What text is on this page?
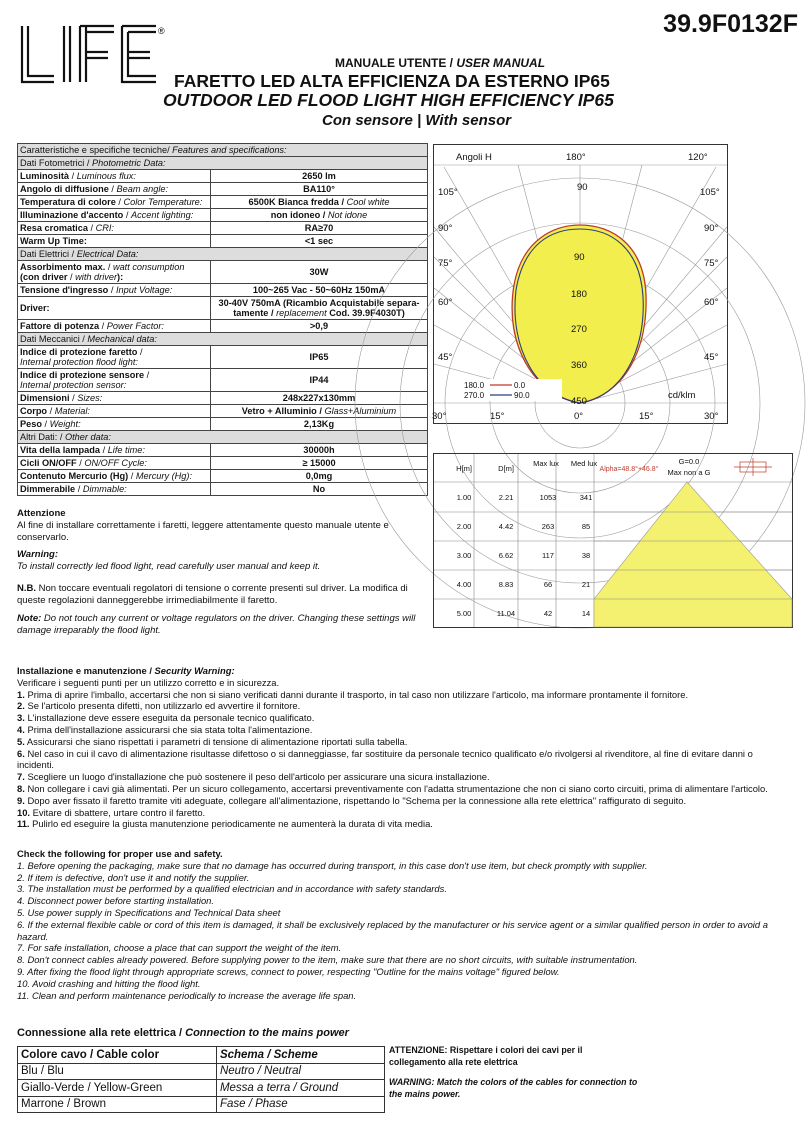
®	39.9F0132F
MANUALE UTENTE / USER MANUAL
FARETTO LED ALTA EFFICIENZA DA ESTERNO IP65
OUTDOOR LED FLOOD LIGHT HIGH EFFICIENCY IP65
Con sensore | With sensor
Caratteristiche e specifiche tecniche/ Features and specifications:	
Dati Fotometrici / Photometric Data:	
Luminosità / Luminous flux:	2650 lm
Angolo di diffusione / Beam angle:	BA110°
Temperatura di colore / Color Temperature:	6500K Bianca fredda / Cool white
Illuminazione d'accento / Accent lighting:	non idoneo / Not idone
Resa cromatica / CRI:	RA≥70
Warm Up Time:	<1 sec
Dati Elettrici / Electrical Data:	
Assorbimento max. / watt consumption
(con driver / with driver):	30W
Tensione d'ingresso / Input Voltage:	100~265 Vac - 50~60Hz 150mA
Driver:	30-40V 750mA (Ricambio Acquistabile separa-
tamente / replacement Cod. 39.9F4030T)
Fattore di potenza / Power Factor:	>0,9
Dati Meccanici / Mechanical data:	
Indice di protezione faretto /
Internal protection flood light:	IP65
Indice di protezione sensore /
Internal protection sensor:	IP44
Dimensioni / Sizes:	248x227x130mm
Corpo / Material:	Vetro + Alluminio / Glass+Aluminium
Peso / Weight:	2,13Kg
Altri Dati: / Other data:	
Vita della lampada / Life time:	30000h
Cicli ON/OFF / ON/OFF Cycle:	≥ 15000
Contenuto Mercurio (Hg) / Mercury (Hg):	0,0mg
Dimmerabile / Dimmable:	No
Attenzione
Al fine di installare correttamente i faretti, leggere attentamente questo manuale utente e conservarlo.
Warning:
To install correctly led flood light, read carefully user manual and keep it.
N.B. Non toccare eventuali regolatori di tensione o corrente presenti sul driver. La modifica di queste regolazioni danneggerebbe irrimediabilmente il faretto.
Note: Do not touch any current or voltage regulators on the driver. Changing these settings will damage irreparably the flood light.
Angoli H	180°	120°
105°
90°
75°
60°
45°
105°
90°
75°
60°
45°
90
90
180
270
360
450
cd/klm
30°	15°	0°	15°	30°
180.0	0.0
270.0	90.0
H[m]	D[m]
Max lux Med lux
Alpha=48.8°+46.8°
G=0.0
Max non a G
1.00	2.21	1053	341
2.00	4.42	263	85
3.00	6.62	117	38
4.00	8.83	66	21
5.00	11.04	42	14
Installazione e manutenzione / Security Warning:
Verificare i seguenti punti per un utilizzo corretto e in sicurezza.
1. Prima di aprire l'imballo, accertarsi che non si siano verificati danni durante il trasporto, in tal caso non utilizzare l'articolo, ma informare prontamente il fornitore.
2. Se l'articolo presenta difetti, non utilizzarlo ed avvertire il fornitore.
3. L'installazione deve essere eseguita da personale tecnico qualificato.
4. Prima dell'installazione assicurarsi che sia stata tolta l'alimentazione.
5. Assicurarsi che siano rispettati i parametri di tensione di alimentazione riportati sulla tabella.
6. Nel caso in cui il cavo di alimentazione risultasse difettoso o si danneggiasse, far sostituire da personale tecnico qualificato e/o rivolgersi al rivenditore, al fine di evitare danni o incidenti.
7. Scegliere un luogo d'installazione che può sostenere il peso dell'articolo per assicurare una sicura installazione.
8. Non collegare i cavi già alimentati. Per un sicuro collegamento, accertarsi preventivamente con l'adatta strumentazione che non ci siano corto circuiti, prima di alimentare l'articolo.
9. Dopo aver fissato il faretto tramite viti adeguate, collegare all'alimentazione, rispettando lo "Schema per la connessione alla rete elettrica" raffigurato di seguito.
10. Evitare di sbattere, urtare contro il faretto.
11. Pulirlo ed eseguire la giusta manutenzione periodicamente ne aumenterà la durata di vita media.
Check the following for proper use and safety.
1. Before opening the packaging, make sure that no damage has occurred during transport, in this case don't use item, but check promptly with supplier.
2. If item is defective, don't use it and notify the supplier.
3. The installation must be performed by a qualified electrician and in accordance with safety standards.
4. Disconnect power before starting installation.
5. Use power supply in Specifications and Technical Data sheet
6. If the external flexible cable or cord of this item is damaged, it shall be exclusively replaced by the manufacturer or his service agent or a similar qualified person in order to avoid a hazard.
7. For safe installation, choose a place that can support the weight of the item.
8. Don't connect cables already powered. Before supplying power to the item, make sure that there are no short circuits, with suitable instrumentation.
9. After fixing the flood light through appropriate screws, connect to power, respecting "Outline for the mains voltage" figured below.
10. Avoid crashing and hitting the flood light.
11. Clean and perform maintenance periodically to increase the average life span.
Connessione alla rete elettrica / Connection to the mains power
Colore cavo / Cable color	Schema / Scheme
Blu / Blu	Neutro / Neutral
Giallo-Verde / Yellow-Green	Messa a terra / Ground
Marrone / Brown	Fase / Phase
ATTENZIONE: Rispettare i colori dei cavi per il collegamento alla rete elettrica
WARNING: Match the colors of the cables for connection to the mains power.
